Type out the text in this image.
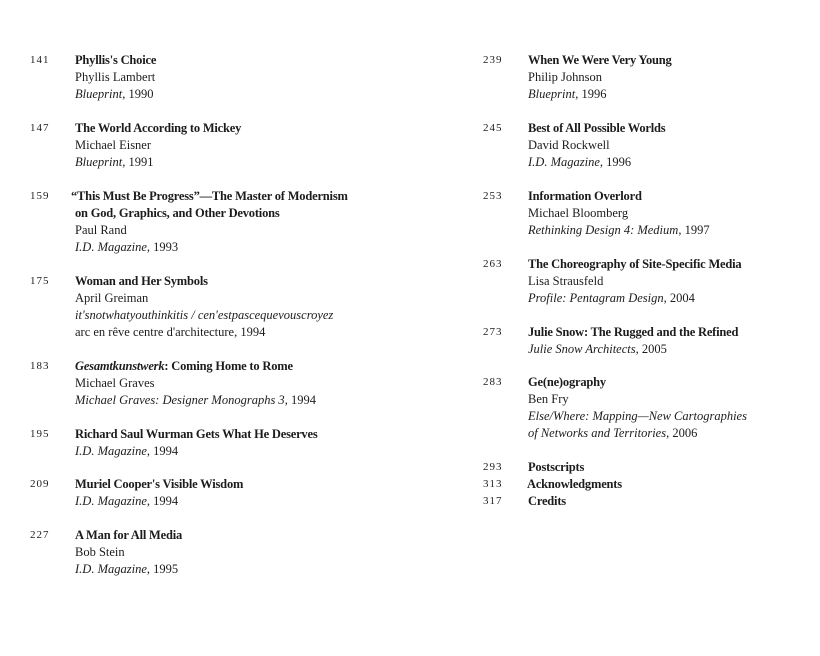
141	Phyllis's Choice
Phyllis Lambert
Blueprint, 1990
147	The World According to Mickey
Michael Eisner
Blueprint, 1991
159	“This Must Be Progress”—The Master of Modernism
on God, Graphics, and Other Devotions
Paul Rand
I.D. Magazine, 1993
175	Woman and Her Symbols
April Greiman
it'snotwhatyouthinkitis / cen'estpascequevouscroyez
arc en rêve centre d'architecture, 1994
183	Gesamtkunstwerk: Coming Home to Rome
Michael Graves
Michael Graves: Designer Monographs 3, 1994
195	Richard Saul Wurman Gets What He Deserves
I.D. Magazine, 1994
209	Muriel Cooper's Visible Wisdom
I.D. Magazine, 1994
227	A Man for All Media
Bob Stein
I.D. Magazine, 1995
239	When We Were Very Young
Philip Johnson
Blueprint, 1996
245	Best of All Possible Worlds
David Rockwell
I.D. Magazine, 1996
253	Information Overlord
Michael Bloomberg
Rethinking Design 4: Medium, 1997
263	The Choreography of Site-Specific Media
Lisa Strausfeld
Profile: Pentagram Design, 2004
273	Julie Snow: The Rugged and the Refined
Julie Snow Architects, 2005
283	Ge(ne)ography
Ben Fry
Else/Where: Mapping—New Cartographies
of Networks and Territories, 2006
293	Postscripts
313	Acknowledgments
317	Credits
